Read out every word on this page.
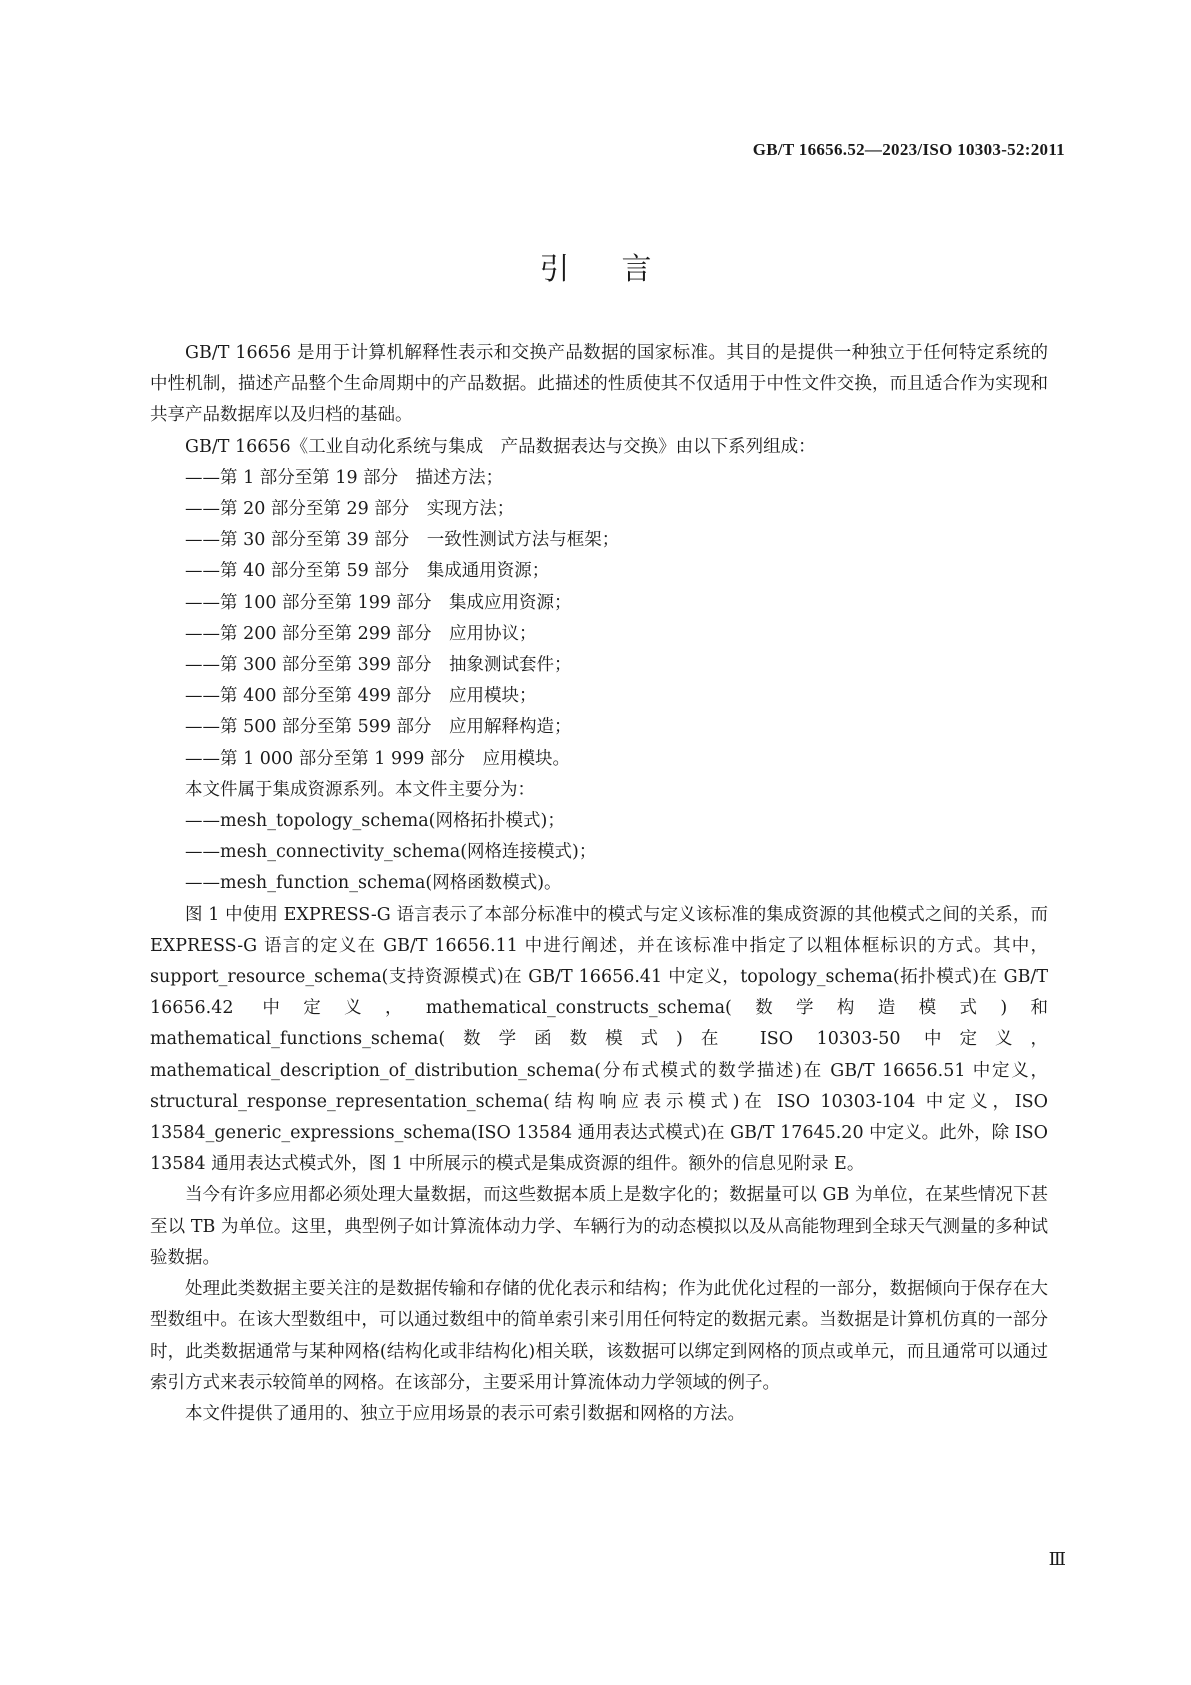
GB/T 16656.52—2023/ISO 10303-52:2011
引言

GB/T 16656 是用于计算机解释性表示和交换产品数据的国家标准。其目的是提供一种独立于任何特定系统的中性机制，描述产品整个生命周期中的产品数据。此描述的性质使其不仅适用于中性文件交换，而且适合作为实现和共享产品数据库以及归档的基础。

GB/T 16656《工业自动化系统与集成　产品数据表达与交换》由以下系列组成：

——第 1 部分至第 19 部分　描述方法；
——第 20 部分至第 29 部分　实现方法；
——第 30 部分至第 39 部分　一致性测试方法与框架；
——第 40 部分至第 59 部分　集成通用资源；
——第 100 部分至第 199 部分　集成应用资源；
——第 200 部分至第 299 部分　应用协议；
——第 300 部分至第 399 部分　抽象测试套件；
——第 400 部分至第 499 部分　应用模块；
——第 500 部分至第 599 部分　应用解释构造；
——第 1 000 部分至第 1 999 部分　应用模块。

本文件属于集成资源系列。本文件主要分为：

——mesh_topology_schema(网格拓扑模式)；
——mesh_connectivity_schema(网格连接模式)；
——mesh_function_schema(网格函数模式)。

图 1 中使用 EXPRESS-G 语言表示了本部分标准中的模式与定义该标准的集成资源的其他模式之间的关系，而 EXPRESS-G 语言的定义在 GB/T 16656.11 中进行阐述，并在该标准中指定了以粗体框标识的方式。其中，support_resource_schema(支持资源模式)在 GB/T 16656.41 中定义，topology_schema(拓扑模式)在 GB/T 16656.42 中定义，mathematical_constructs_schema(数学构造模式)和 mathematical_functions_schema(数学函数模式)在 ISO 10303-50 中定义，mathematical_description_of_distribution_schema(分布式模式的数学描述)在 GB/T 16656.51 中定义，structural_response_representation_schema(结构响应表示模式)在 ISO 10303-104 中定义，ISO 13584_generic_expressions_schema(ISO 13584 通用表达式模式)在 GB/T 17645.20 中定义。此外，除 ISO 13584 通用表达式模式外，图 1 中所展示的模式是集成资源的组件。额外的信息见附录 E。

当今有许多应用都必须处理大量数据，而这些数据本质上是数字化的；数据量可以 GB 为单位，在某些情况下甚至以 TB 为单位。这里，典型例子如计算流体动力学、车辆行为的动态模拟以及从高能物理到全球天气测量的多种试验数据。

处理此类数据主要关注的是数据传输和存储的优化表示和结构；作为此优化过程的一部分，数据倾向于保存在大型数组中。在该大型数组中，可以通过数组中的简单索引来引用任何特定的数据元素。当数据是计算机仿真的一部分时，此类数据通常与某种网格(结构化或非结构化)相关联，该数据可以绑定到网格的顶点或单元，而且通常可以通过索引方式来表示较简单的网格。在该部分，主要采用计算流体动力学领域的例子。

本文件提供了通用的、独立于应用场景的表示可索引数据和网格的方法。

Ⅲ
